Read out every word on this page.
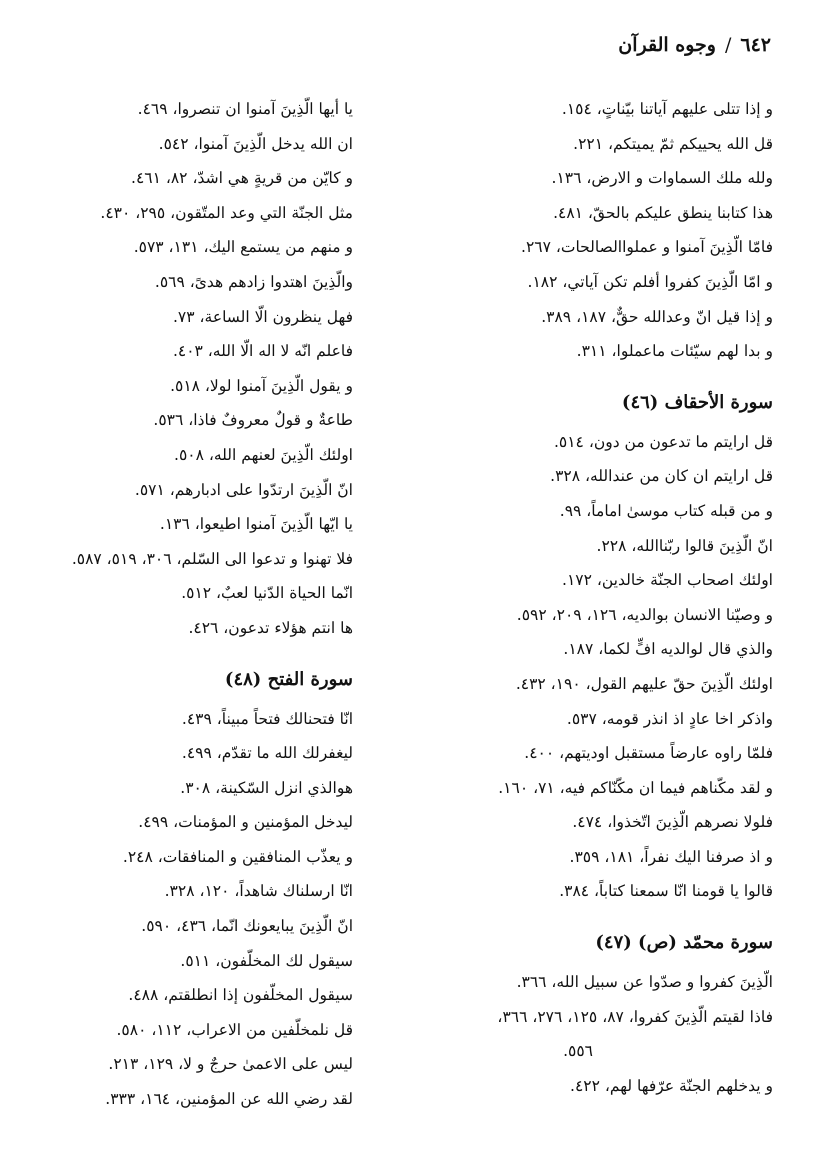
٦٤٢/وجوه القرآن
و إذا تتلى عليهم آياتنا بيّناتٍ، ١٥٤.
قل الله يحييكم ثمّ يميتكم، ٢٢١.
ولله ملك السماوات و الارض، ١٣٦.
هذا كتابنا ينطق عليكم بالحقّ، ٤٨١.
فامّا الّذِينَ آمنوا و عملواالصالحات، ٢٦٧.
و امّا الّذِينَ كفروا أفلم تكن آياتي، ١٨٢.
و إذا قيل انّ وعدالله حقٌّ، ١٨٧، ٣٨٩.
و بدا لهم سيّئات ماعملوا، ٣١١.
سورة الأحقاف (٤٦)
قل ارايتم ما تدعون من دون، ٥١٤.
قل ارايتم ان كان من عندالله، ٣٢٨.
و من قبله كتاب موسىٰ اماماً، ٩٩.
انّ الّذِينَ قالوا ربّناالله، ٢٢٨.
اولئك اصحاب الجنّة خالدين، ١٧٢.
و وصيّنا الانسان بوالديه، ١٢٦، ٢٠٩، ٥٩٢.
والذي قال لوالديه افٍّ لكما، ١٨٧.
اولئك الّذِينَ حقّ عليهم القول، ١٩٠، ٤٣٢.
واذكر اخا عادٍ اذ انذر قومه، ٥٣٧.
فلمّا راوه عارضاً مستقبل اوديتهم، ٤٠٠.
و لقد مكّناهم فيما ان مكّنّاكم فيه، ٧١، ١٦٠.
فلولا نصرهم الّذِينَ اتّخذوا، ٤٧٤.
و اذ صرفنا اليك نفراً، ١٨١، ٣٥٩.
قالوا يا قومنا انّا سمعنا كتاباً، ٣٨٤.
سورة محمّد (ص) (٤٧)
الّذِينَ كفروا و صدّوا عن سبيل الله، ٣٦٦.
فاذا لقيتم الّذِينَ كفروا، ٨٧، ١٢٥، ٢٧٦، ٣٦٦،
٥٥٦.
و يدخلهم الجنّة عرّفها لهم، ٤٢٢.
يا أيها الّذِينَ آمنوا ان تنصروا، ٤٦٩.
ان الله يدخل الّذِينَ آمنوا، ٥٤٢.
و كايّن من قريةٍ هي اشدّ، ٨٢، ٤٦١.
مثل الجنّة التي وعد المتّقون، ٢٩٥، ٤٣٠.
و منهم من يستمع اليك، ١٣١، ٥٧٣.
والّذِينَ اهتدوا زادهم هدىً، ٥٦٩.
فهل ينظرون الّا الساعة، ٧٣.
فاعلم انّه لا اله الّا الله، ٤٠٣.
و يقول الّذِينَ آمنوا لولا، ٥١٨.
طاعةٌ و قولٌ معروفٌ فاذا، ٥٣٦.
اولئك الّذِينَ لعنهم الله، ٥٠٨.
انّ الّذِينَ ارتدّوا على ادبارهم، ٥٧١.
يا ايّها الّذِينَ آمنوا اطيعوا، ١٣٦.
فلا تهنوا و تدعوا الى السّلم، ٣٠٦، ٥١٩، ٥٨٧.
انّما الحياة الدّنيا لعبٌ، ٥١٢.
ها انتم هؤلاء تدعون، ٤٢٦.
سورة الفتح (٤٨)
انّا فتحنالك فتحاً مبيناً، ٤٣٩.
ليغفرلك الله ما تقدّم، ٤٩٩.
هوالذي انزل السّكينة، ٣٠٨.
ليدخل المؤمنين و المؤمنات، ٤٩٩.
و يعذّب المنافقين و المنافقات، ٢٤٨.
انّا ارسلناك شاهداً، ١٢٠، ٣٢٨.
انّ الّذِينَ يبايعونك انّما، ٤٣٦، ٥٩٠.
سيقول لك المخلّفون، ٥١١.
سيقول المخلّفون إذا انطلقتم، ٤٨٨.
قل نلمخلّفين من الاعراب، ١١٢، ٥٨٠.
ليس على الاعمىٰ حرجٌ و لا، ١٢٩، ٢١٣.
لقد رضي الله عن المؤمنين، ١٦٤، ٣٣٣.
